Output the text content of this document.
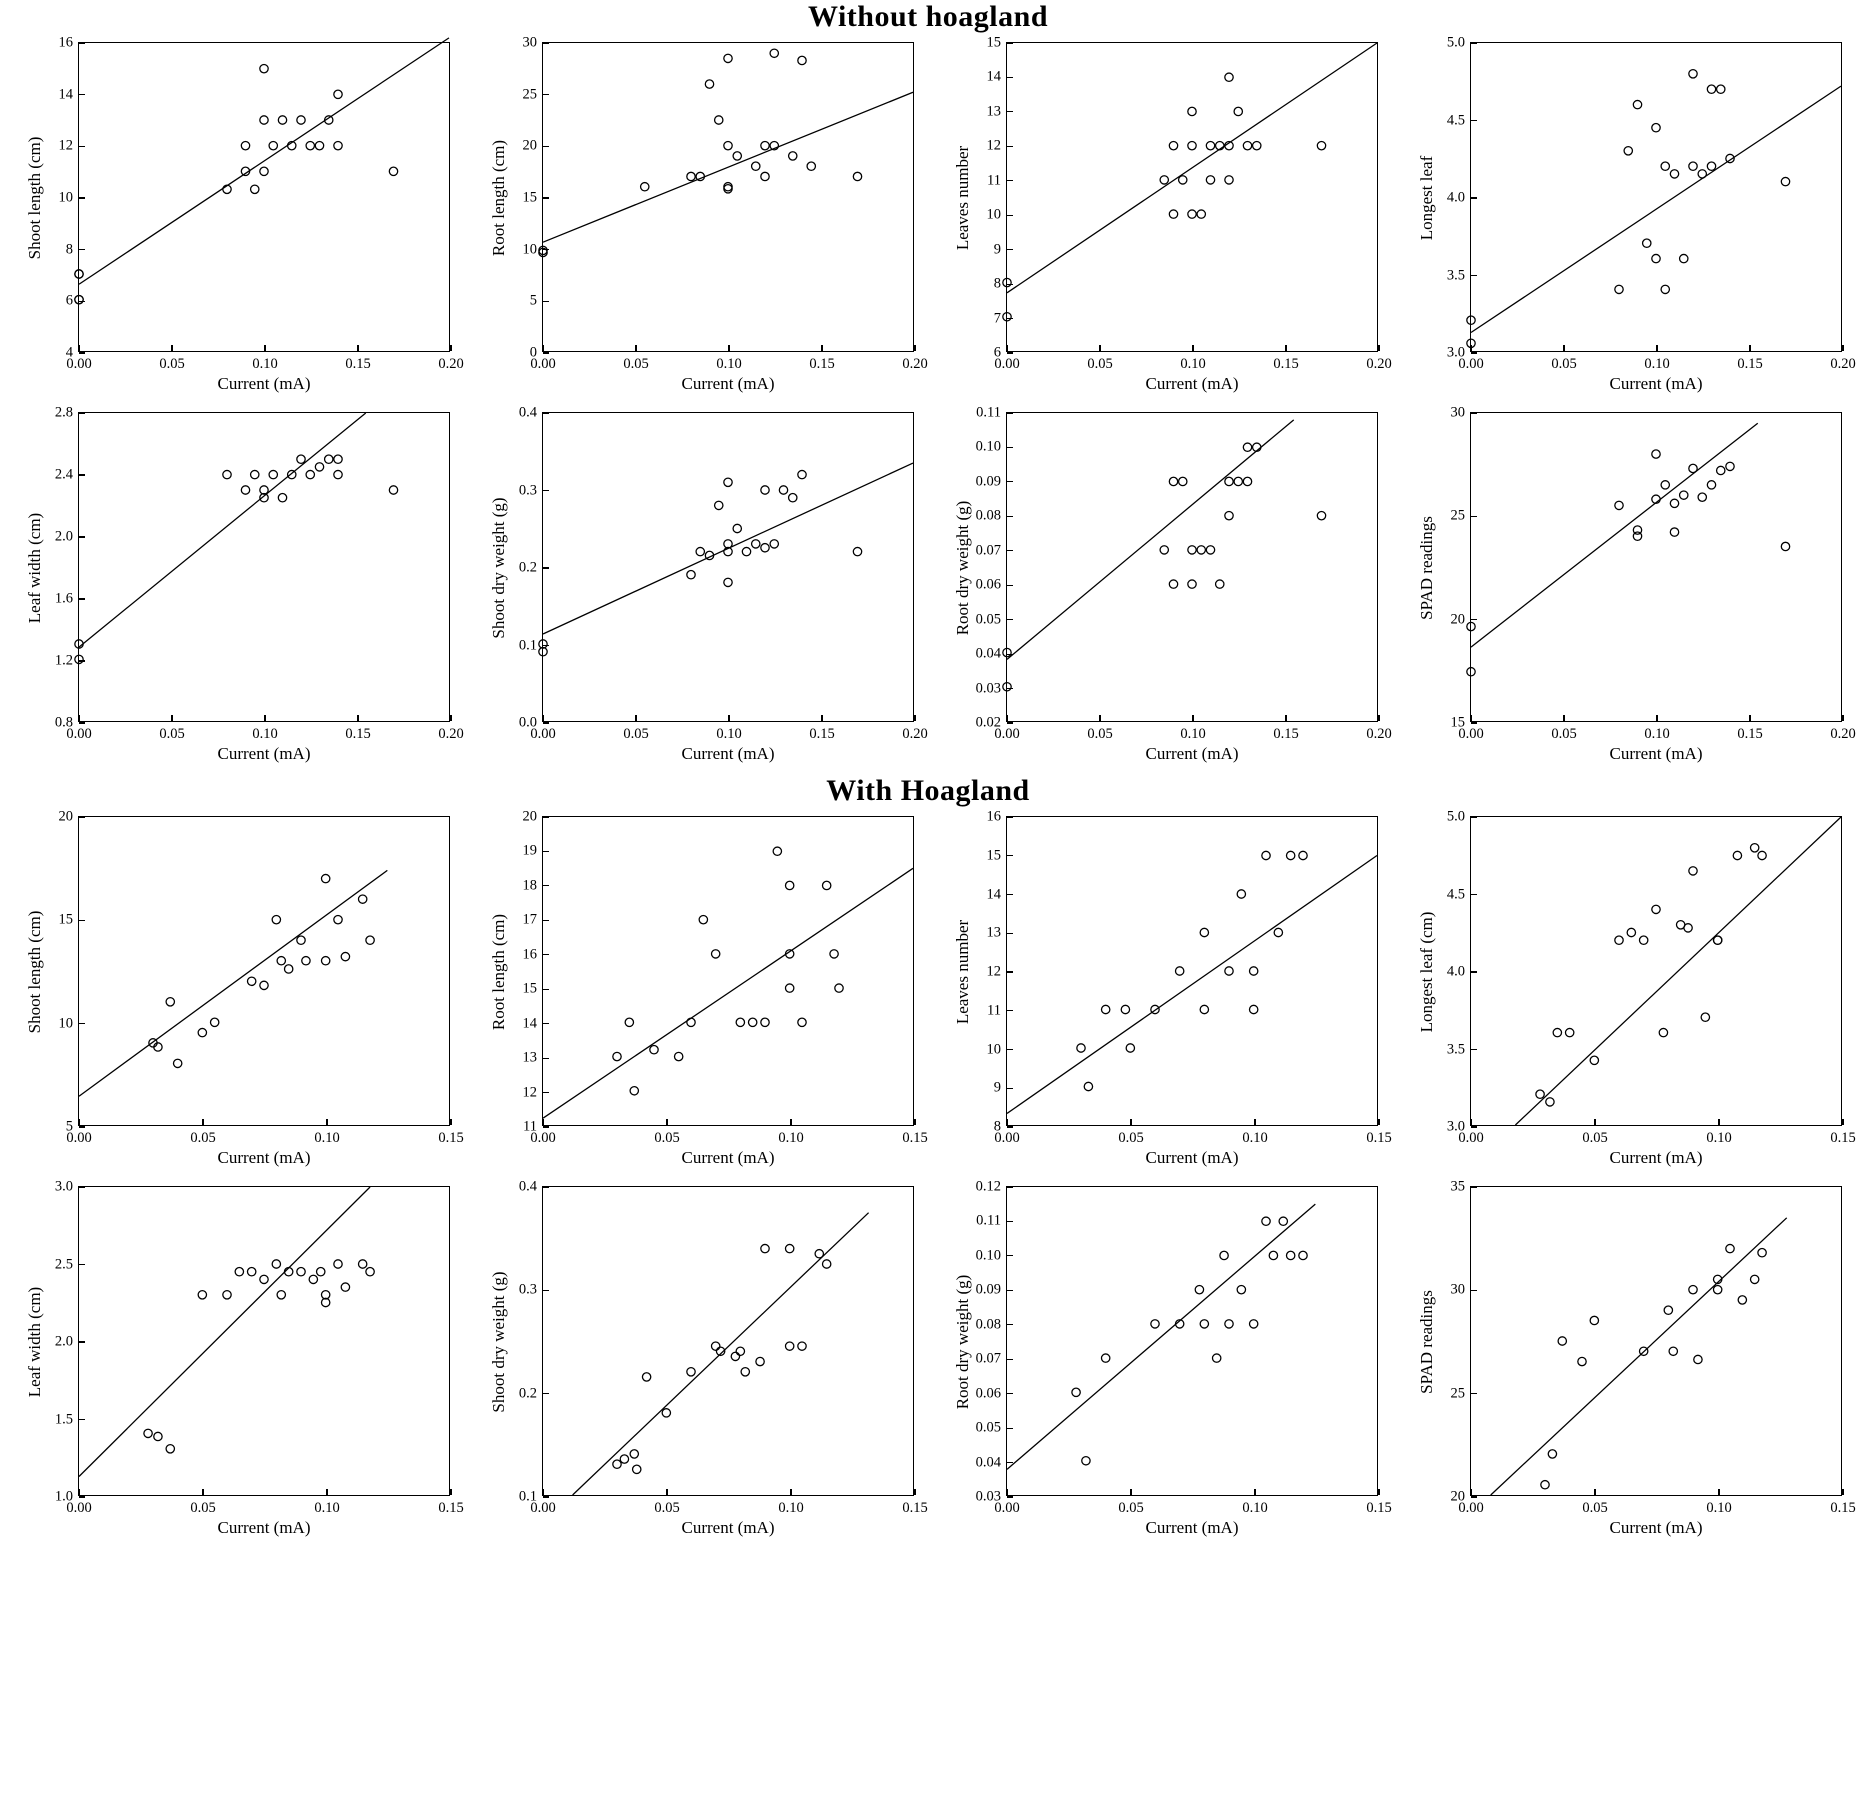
Without hoagland
4
6
8
10
12
14
16
0.00	0.05	0.10	0.15	0.20
Shoot length (cm)
Current (mA)
0
5
10
15
20
25
30
0.00	0.05	0.10	0.15	0.20
Root length (cm)
Current (mA)
6
7
8
9
10
11
12
13
14
15
0.00	0.05	0.10	0.15	0.20
Leaves number
Current (mA)
3.0
3.5
4.0
4.5
5.0
0.00	0.05	0.10	0.15	0.20
Longest leaf
Current (mA)
0.8
1.2
1.6
2.0
2.4
2.8
0.00	0.05	0.10	0.15	0.20
Leaf width (cm)
Current (mA)
0.0
0.1
0.2
0.3
0.4
0.00	0.05	0.10	0.15	0.20
Shoot dry weight (g)
Current (mA)
0.02
0.03
0.04
0.05
0.06
0.07
0.08
0.09
0.10
0.11
0.00	0.05	0.10	0.15	0.20
Root dry weight (g)
Current (mA)
15
20
25
30
0.00	0.05	0.10	0.15	0.20
SPAD readings
Current (mA)
With Hoagland
5
10
15
20
0.00	0.05	0.10	0.15
Shoot length (cm)
Current (mA)
11
12
13
14
15
16
17
18
19
20
0.00	0.05	0.10	0.15
Root length (cm)
Current (mA)
8
9
10
11
12
13
14
15
16
0.00	0.05	0.10	0.15
Leaves number
Current (mA)
3.0
3.5
4.0
4.5
5.0
0.00	0.05	0.10	0.15
Longest leaf (cm)
Current (mA)
1.0
1.5
2.0
2.5
3.0
0.00	0.05	0.10	0.15
Leaf width (cm)
Current (mA)
0.1
0.2
0.3
0.4
0.00	0.05	0.10	0.15
Shoot dry weight (g)
Current (mA)
0.03
0.04
0.05
0.06
0.07
0.08
0.09
0.10
0.11
0.12
0.00	0.05	0.10	0.15
Root dry weight (g)
Current (mA)
20
25
30
35
0.00	0.05	0.10	0.15
SPAD readings
Current (mA)
